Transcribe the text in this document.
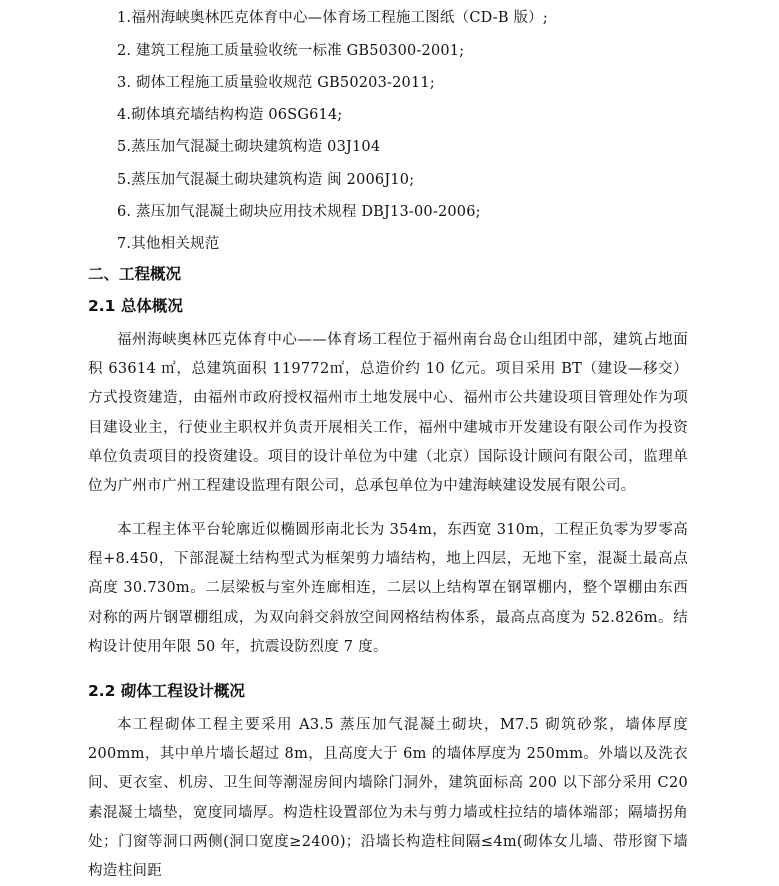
1.福州海峡奥林匹克体育中心—体育场工程施工图纸（CD-B 版）;
2. 建筑工程施工质量验收统一标准 GB50300-2001;
3. 砌体工程施工质量验收规范 GB50203-2011;
4.砌体填充墙结构构造 06SG614;
5.蒸压加气混凝土砌块建筑构造 03J104
5.蒸压加气混凝土砌块建筑构造 闽 2006J10;
6. 蒸压加气混凝土砌块应用技术规程 DBJ13-00-2006;
7.其他相关规范
二、工程概况
2.1 总体概况
福州海峡奥林匹克体育中心——体育场工程位于福州南台岛仓山组团中部，建筑占地面积 63614 ㎡，总建筑面积 119772㎡，总造价约 10 亿元。项目采用 BT（建设—移交）方式投资建造，由福州市政府授权福州市土地发展中心、福州市公共建设项目管理处作为项目建设业主，行使业主职权并负责开展相关工作，福州中建城市开发建设有限公司作为投资单位负责项目的投资建设。项目的设计单位为中建（北京）国际设计顾问有限公司，监理单位为广州市广州工程建设监理有限公司，总承包单位为中建海峡建设发展有限公司。
本工程主体平台轮廓近似椭圆形南北长为 354m，东西宽 310m，工程正负零为罗零高程+8.450，下部混凝土结构型式为框架剪力墙结构，地上四层，无地下室，混凝土最高点高度 30.730m。二层梁板与室外连廊相连，二层以上结构罩在钢罩棚内，整个罩棚由东西对称的两片钢罩棚组成，为双向斜交斜放空间网格结构体系，最高点高度为 52.826m。结构设计使用年限 50 年，抗震设防烈度 7 度。
2.2 砌体工程设计概况
本工程砌体工程主要采用 A3.5 蒸压加气混凝土砌块，M7.5 砌筑砂浆，墙体厚度 200mm，其中单片墙长超过 8m，且高度大于 6m 的墙体厚度为 250mm。外墙以及洗衣间、更衣室、机房、卫生间等潮湿房间内墙除门洞外，建筑面标高 200 以下部分采用 C20 素混凝土墙垫，宽度同墙厚。构造柱设置部位为未与剪力墙或柱拉结的墙体端部；隔墙拐角处；门窗等洞口两侧(洞口宽度≥2400)；沿墙长构造柱间隔≤4m(砌体女儿墙、带形窗下墙构造柱间距
